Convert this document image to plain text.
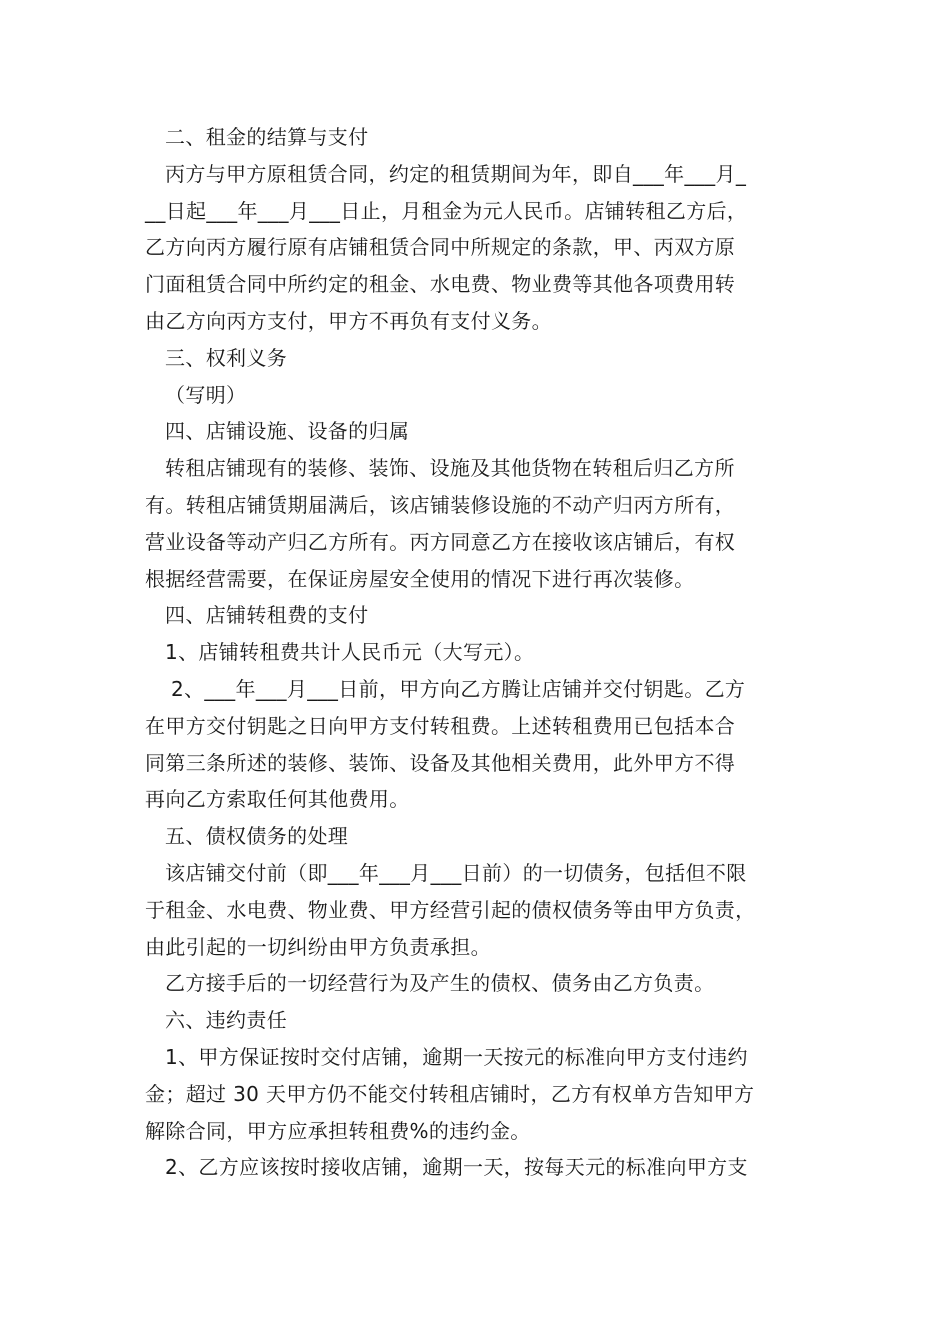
二、租金的结算与支付
丙方与甲方原租赁合同，约定的租赁期间为年，即自___年___月_
__日起___年___月___日止，月租金为元人民币。店铺转租乙方后，
乙方向丙方履行原有店铺租赁合同中所规定的条款，甲、丙双方原
门面租赁合同中所约定的租金、水电费、物业费等其他各项费用转
由乙方向丙方支付，甲方不再负有支付义务。
三、权利义务
（写明）
四、店铺设施、设备的归属
转租店铺现有的装修、装饰、设施及其他货物在转租后归乙方所
有。转租店铺赁期届满后，该店铺装修设施的不动产归丙方所有，
营业设备等动产归乙方所有。丙方同意乙方在接收该店铺后，有权
根据经营需要，在保证房屋安全使用的情况下进行再次装修。
四、店铺转租费的支付
1、店铺转租费共计人民币元（大写元）。
2、___年___月___日前，甲方向乙方腾让店铺并交付钥匙。乙方
在甲方交付钥匙之日向甲方支付转租费。上述转租费用已包括本合
同第三条所述的装修、装饰、设备及其他相关费用，此外甲方不得
再向乙方索取任何其他费用。
五、债权债务的处理
该店铺交付前（即___年___月___日前）的一切债务，包括但不限
于租金、水电费、物业费、甲方经营引起的债权债务等由甲方负责，
由此引起的一切纠纷由甲方负责承担。
乙方接手后的一切经营行为及产生的债权、债务由乙方负责。
六、违约责任
1、甲方保证按时交付店铺，逾期一天按元的标准向甲方支付违约
金；超过 30 天甲方仍不能交付转租店铺时，乙方有权单方告知甲方
解除合同，甲方应承担转租费%的违约金。
2、乙方应该按时接收店铺，逾期一天，按每天元的标准向甲方支
